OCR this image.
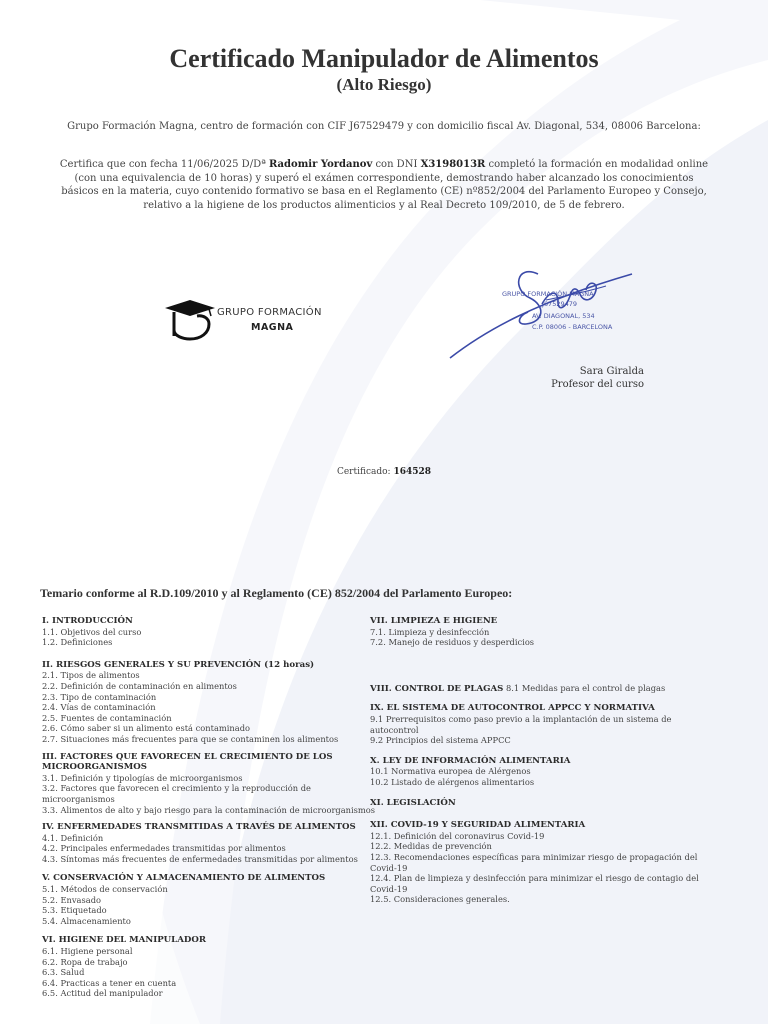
Certificado Manipulador de Alimentos
(Alto Riesgo)
Grupo Formación Magna, centro de formación con CIF J67529479 y con domicilio fiscal Av. Diagonal, 534, 08006 Barcelona:
Certifica que con fecha 11/06/2025 D/Dª Radomir Yordanov con DNI X3198013R completó la formación en modalidad online (con una equivalencia de 10 horas) y superó el exámen correspondiente, demostrando haber alcanzado los conocimientos básicos en la materia, cuyo contenido formativo se basa en el Reglamento (CE) nº852/2004 del Parlamento Europeo y Consejo, relativo a la higiene de los productos alimenticios y al Real Decreto 109/2010, de 5 de febrero.
GRUPO FORMACIÓN
MAGNA
GRUPO FORMACIÓN MAGNA
J67529479
AV. DIAGONAL, 534
C.P. 08006 - BARCELONA
Sara Giralda
Profesor del curso
Certificado: 164528
Temario conforme al R.D.109/2010 y al Reglamento (CE) 852/2004 del Parlamento Europeo:
I. INTRODUCCIÓN
1.1. Objetivos del curso
1.2. Definiciones
II. RIESGOS GENERALES Y SU PREVENCIÓN (12 horas)
2.1. Tipos de alimentos
2.2. Definición de contaminación en alimentos
2.3. Tipo de contaminación
2.4. Vías de contaminación
2.5. Fuentes de contaminación
2.6. Cómo saber si un alimento está contaminado
2.7. Situaciones más frecuentes para que se contaminen los alimentos
III. FACTORES QUE FAVORECEN EL CRECIMIENTO DE LOS MICROORGANISMOS
3.1. Definición y tipologías de microorganismos
3.2. Factores que favorecen el crecimiento y la reproducción de microorganismos
3.3. Alimentos de alto y bajo riesgo para la contaminación de microorganismos
IV. ENFERMEDADES TRANSMITIDAS A TRAVÉS DE ALIMENTOS
4.1. Definición
4.2. Principales enfermedades transmitidas por alimentos
4.3. Síntomas más frecuentes de enfermedades transmitidas por alimentos
V. CONSERVACIÓN Y ALMACENAMIENTO DE ALIMENTOS
5.1. Métodos de conservación
5.2. Envasado
5.3. Etiquetado
5.4. Almacenamiento
VI. HIGIENE DEL MANIPULADOR
6.1. Higiene personal
6.2. Ropa de trabajo
6.3. Salud
6.4. Practicas a tener en cuenta
6.5. Actitud del manipulador
VII. LIMPIEZA E HIGIENE
7.1. Limpieza y desinfección
7.2. Manejo de residuos y desperdicios
VIII. CONTROL DE PLAGAS 8.1 Medidas para el control de plagas
IX. EL SISTEMA DE AUTOCONTROL APPCC Y NORMATIVA
9.1 Prerrequisitos como paso previo a la implantación de un sistema de autocontrol
9.2 Principios del sistema APPCC
X. LEY DE INFORMACIÓN ALIMENTARIA
10.1 Normativa europea de Alérgenos
10.2 Listado de alérgenos alimentarios
XI. LEGISLACIÓN
XII. COVID-19 Y SEGURIDAD ALIMENTARIA
12.1. Definición del coronavirus Covid-19
12.2. Medidas de prevención
12.3. Recomendaciones específicas para minimizar riesgo de propagación del Covid-19
12.4. Plan de limpieza y desinfección para minimizar el riesgo de contagio del Covid-19
12.5. Consideraciones generales.
